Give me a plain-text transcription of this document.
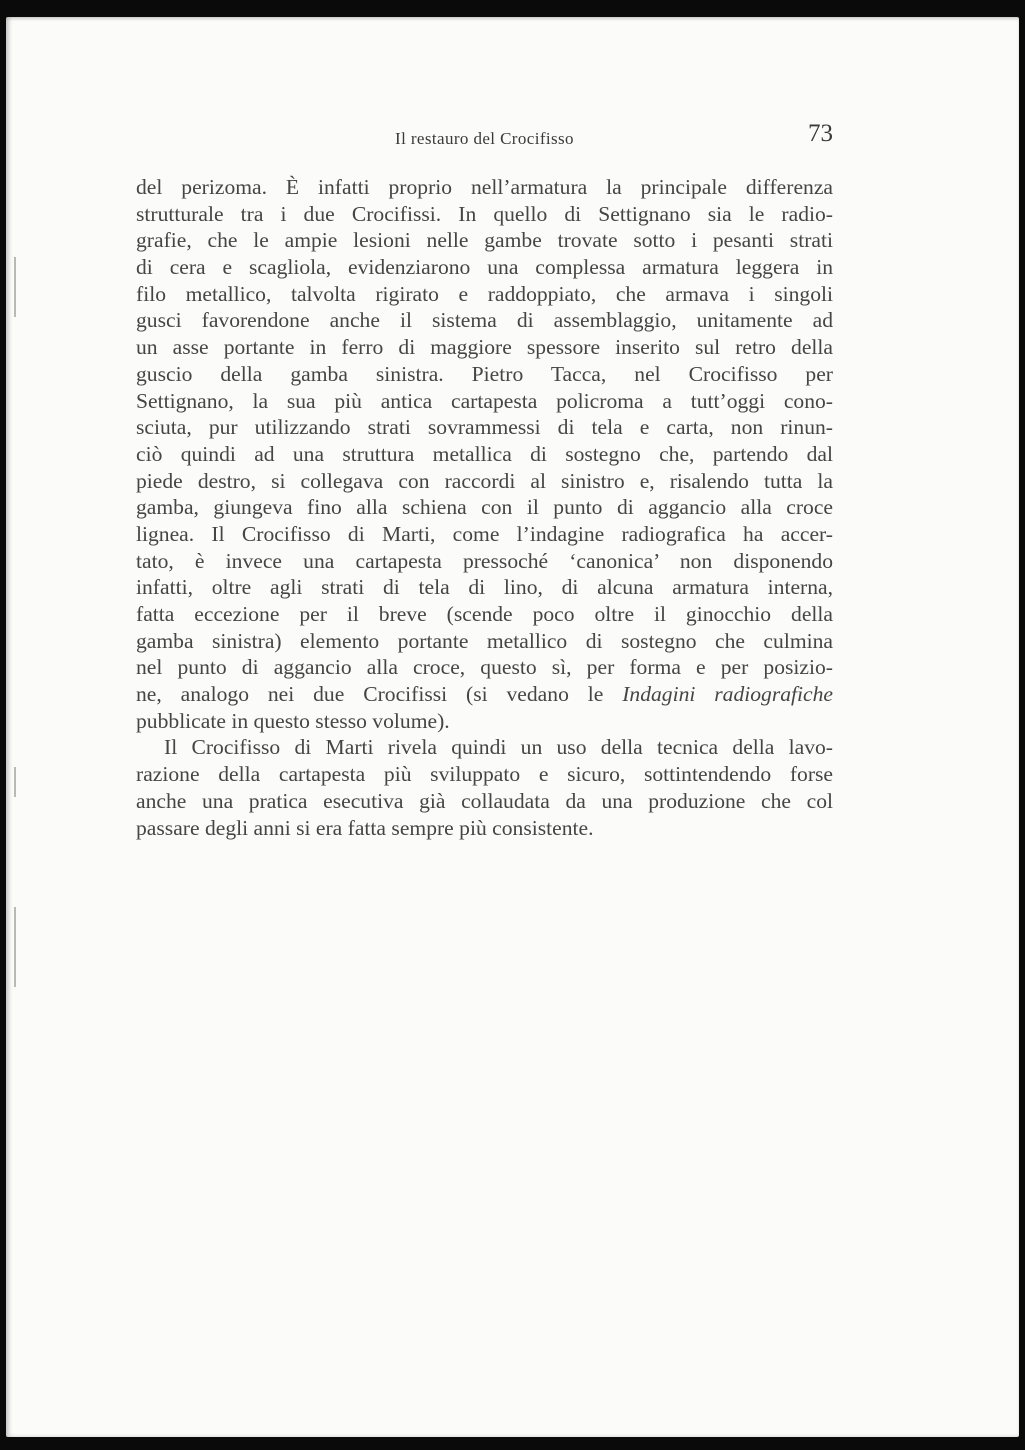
Il restauro del Crocifisso	73
del perizoma. È infatti proprio nell’armatura la principale differenza
strutturale tra i due Crocifissi. In quello di Settignano sia le radio-
grafie, che le ampie lesioni nelle gambe trovate sotto i pesanti strati
di cera e scagliola, evidenziarono una complessa armatura leggera in
filo metallico, talvolta rigirato e raddoppiato, che armava i singoli
gusci favorendone anche il sistema di assemblaggio, unitamente ad
un asse portante in ferro di maggiore spessore inserito sul retro della
guscio della gamba sinistra. Pietro Tacca, nel Crocifisso per
Settignano, la sua più antica cartapesta policroma a tutt’oggi cono-
sciuta, pur utilizzando strati sovrammessi di tela e carta, non rinun-
ciò quindi ad una struttura metallica di sostegno che, partendo dal
piede destro, si collegava con raccordi al sinistro e, risalendo tutta la
gamba, giungeva fino alla schiena con il punto di aggancio alla croce
lignea. Il Crocifisso di Marti, come l’indagine radiografica ha accer-
tato, è invece una cartapesta pressoché ‘canonica’ non disponendo
infatti, oltre agli strati di tela di lino, di alcuna armatura interna,
fatta eccezione per il breve (scende poco oltre il ginocchio della
gamba sinistra) elemento portante metallico di sostegno che culmina
nel punto di aggancio alla croce, questo sì, per forma e per posizio-
ne, analogo nei due Crocifissi (si vedano le Indagini radiografiche
pubblicate in questo stesso volume).
Il Crocifisso di Marti rivela quindi un uso della tecnica della lavo-
razione della cartapesta più sviluppato e sicuro, sottintendendo forse
anche una pratica esecutiva già collaudata da una produzione che col
passare degli anni si era fatta sempre più consistente.
